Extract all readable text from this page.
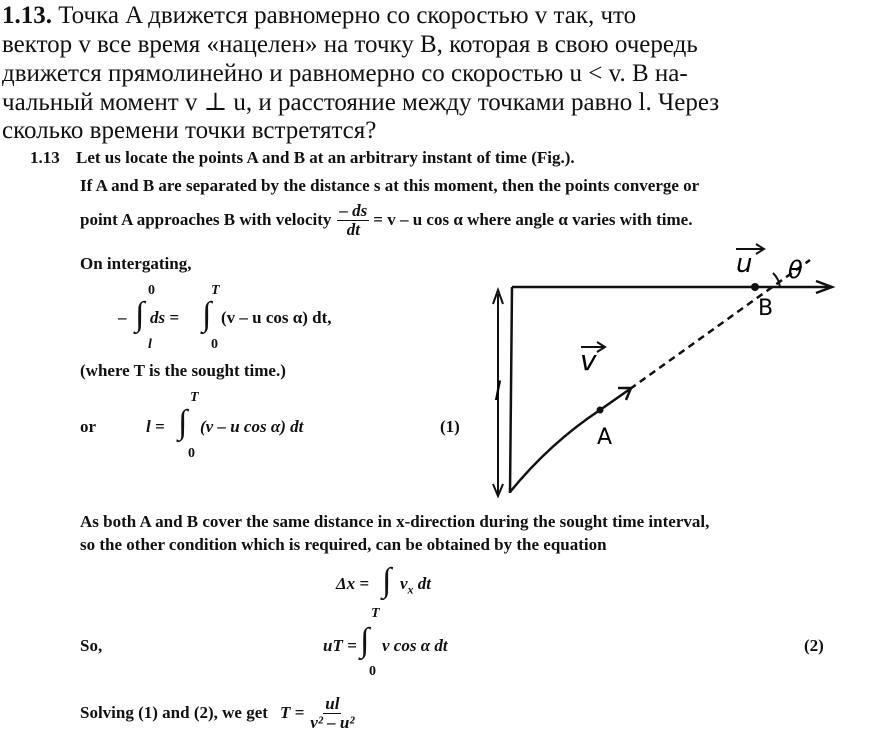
1.13. Точка A движется равномерно со скоростью v так, что
вектор v все время «нацелен» на точку B, которая в свою очередь
движется прямолинейно и равномерно со скоростью u < v. В на-
чальный момент v ⊥ u, и расстояние между точками равно l. Через
сколько времени точки встретятся?
1.13 Let us locate the points A and B at an arbitrary instant of time (Fig.).
If A and B are separated by the distance s at this moment, then the points converge or
point A approaches B with velocity $\frac{- ds}{dt} = v - u$ cos α where angle α varies with time.
On intergating,
–
0
∫
l
ds =
T
∫
0
(v – u cos α) dt,
(where T is the sought time.)
or	l =
T
∫
0
(v – u cos α) dt	(1)
As both A and B cover the same distance in x-direction during the sought time interval,
so the other condition which is required, can be obtained by the equation
Δx = ∫ $v_x$ dt
So,	uT =
T
∫
0
v cos α dt	(2)
Solving (1) and (2), we get $T = \frac{ul}{\text{v² – u²}}$
l
u θ
B
v
A
